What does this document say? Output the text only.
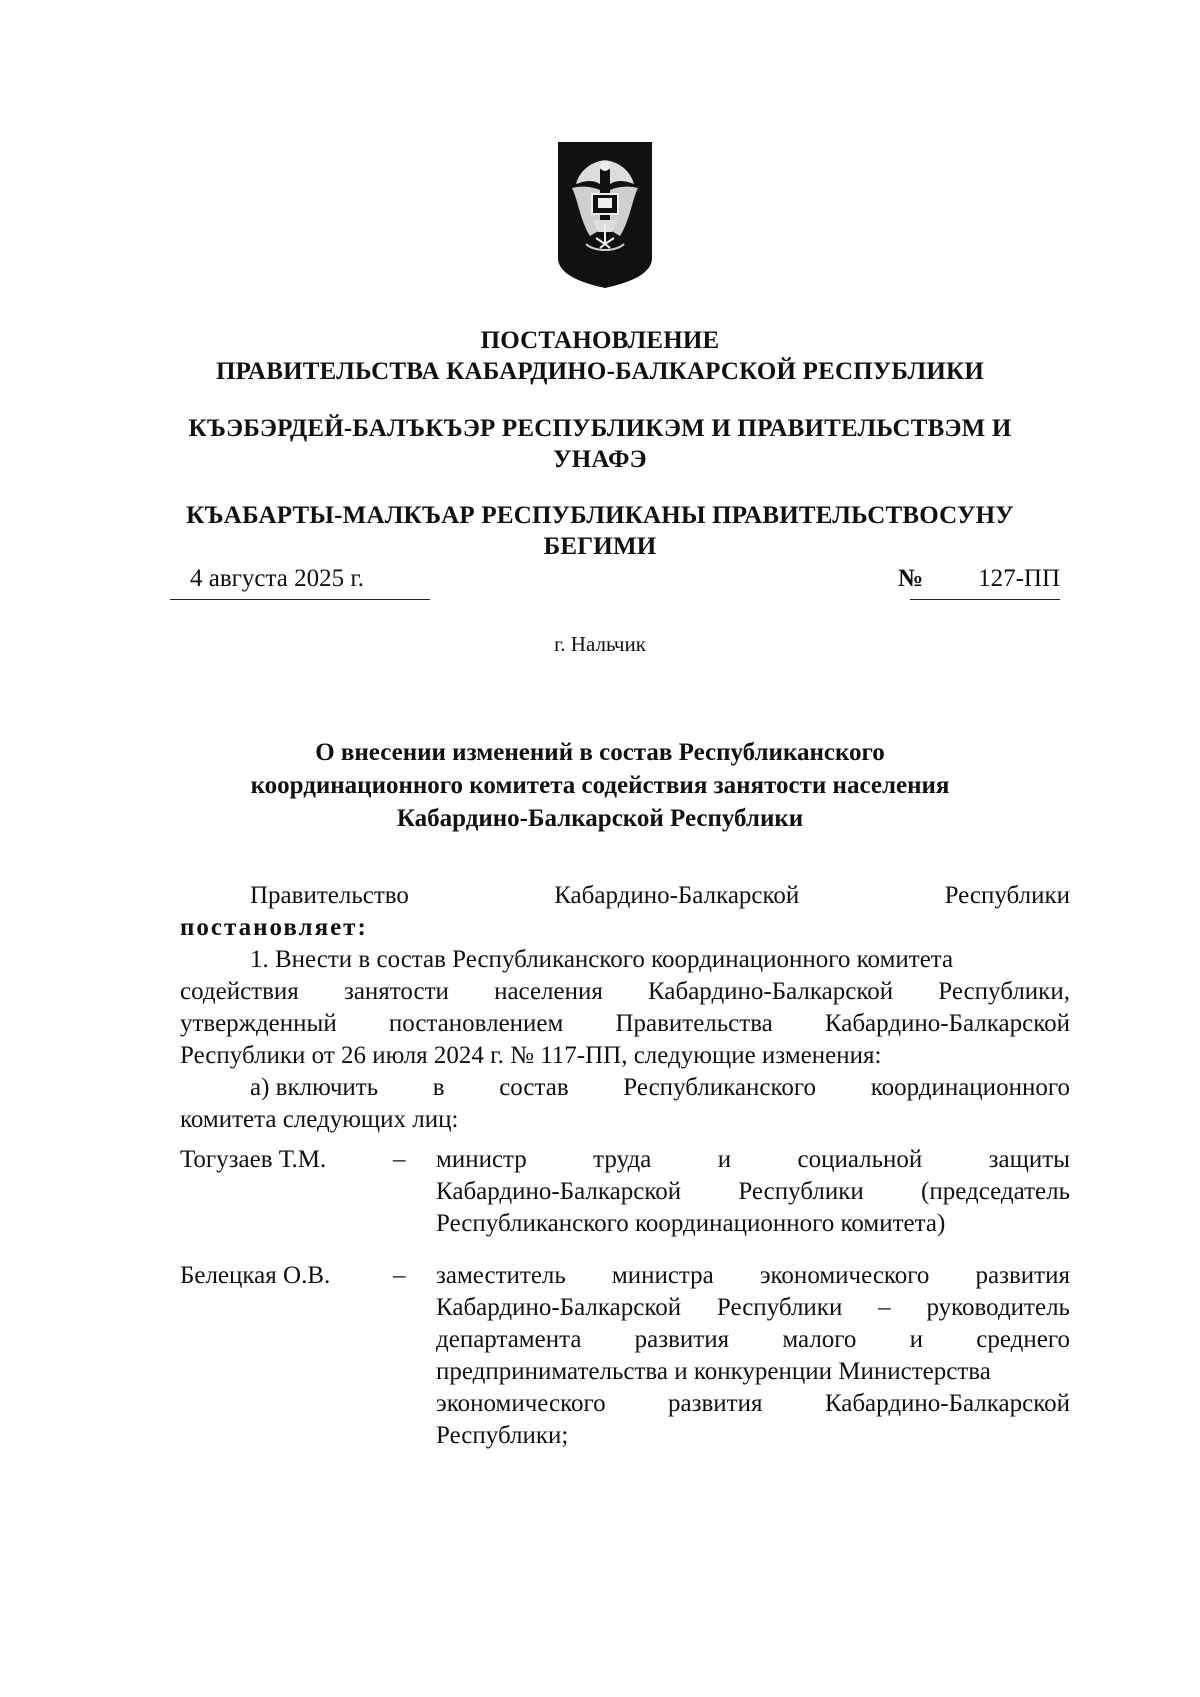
ПОСТАНОВЛЕНИЕ
ПРАВИТЕЛЬСТВА КАБАРДИНО-БАЛКАРСКОЙ РЕСПУБЛИКИ
КЪЭБЭРДЕЙ-БАЛЪКЪЭР РЕСПУБЛИКЭМ И ПРАВИТЕЛЬСТВЭМ И
УНАФЭ
КЪАБАРТЫ-МАЛКЪАР РЕСПУБЛИКАНЫ ПРАВИТЕЛЬСТВОСУНУ
БЕГИМИ
4 августа 2025 г.	№ 127-ПП
г. Нальчик
О внесении изменений в состав Республиканского
координационного комитета содействия занятости населения
Кабардино-Балкарской Республики
Правительство	Кабардино-Балкарской	Республики
постановляет:
1. Внести в состав Республиканского координационного комитета
содействия занятости населения Кабардино-Балкарской Республики,
утвержденный постановлением Правительства Кабардино-Балкарской
Республики от 26 июля 2024 г. № 117-ПП, следующие изменения:
а) включить в состав Республиканского координационного
комитета следующих лиц:
Тогузаев Т.М.	– министр	труда	и	социальной	защиты
Кабардино-Балкарской Республики (председатель
Республиканского координационного комитета)
Белецкая О.В.	– заместитель министра экономического развития
Кабардино-Балкарской Республики – руководитель
департамента развития малого и среднего
предпринимательства и конкуренции Министерства
экономического развития Кабардино-Балкарской
Республики;
